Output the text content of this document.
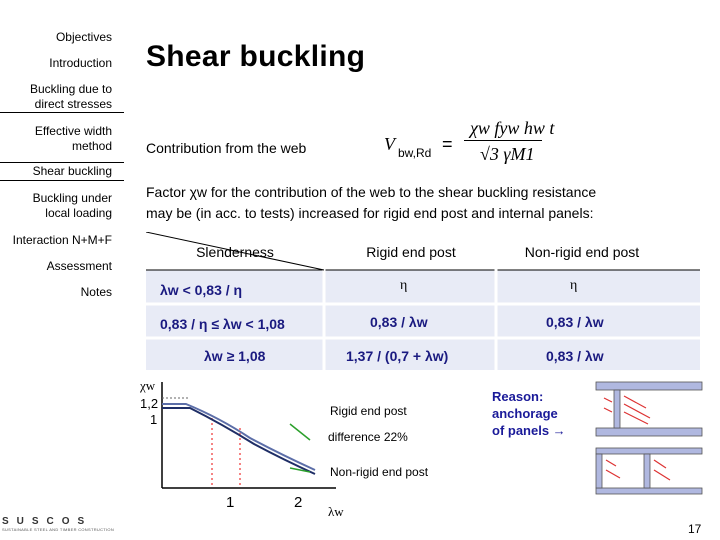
Objectives
Introduction
Buckling due to direct stresses
Effective width method
Shear buckling
Buckling under local loading
Interaction N+M+F
Assessment
Notes
Shear buckling
Contribution from the web	V bw,Rd =
χw fyw hw t
√3 γM1
Factor χw for the contribution of the web to the shear buckling resistance
may be (in acc. to tests) increased for rigid end post and internal panels:
Slenderness	Rigid end post	Non-rigid end post
λw < 0,83 / η	η	η
0,83 / η ≤ λw < 1,08	0,83 / λw	0,83 / λw
λw ≥ 1,08	1,37 / (0,7 + λw)	0,83 / λw
χw
1,2
1
1	2
λw
Rigid end post
difference 22%
Non-rigid end post
Reason:
anchorage
of panels →
SUSCOS
SUSTAINABLE STEEL AND TIMBER CONSTRUCTION	17
